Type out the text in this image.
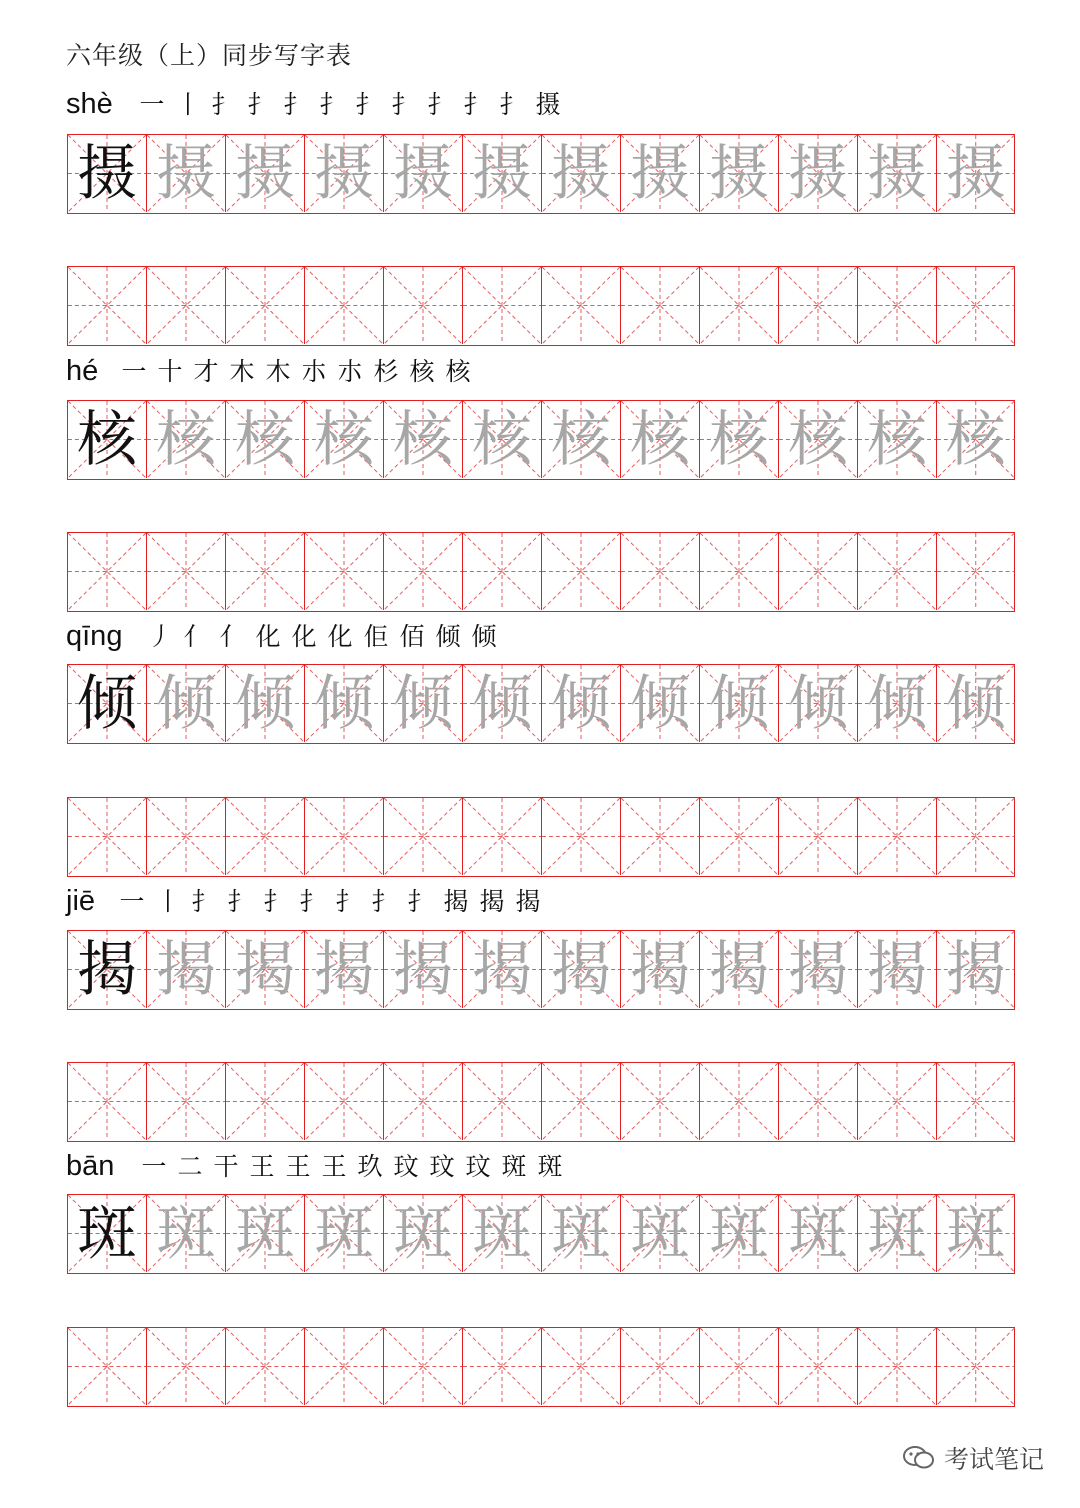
六年级（上）同步写字表
shè 一 丨 扌 扌 扌 扌 扌 扌 扌 扌 扌 摄
摄 摄 摄 摄 摄 摄 摄 摄 摄 摄 摄 摄
hé 一 十 才 木 木 朩 朩 杉 核 核
核 核 核 核 核 核 核 核 核 核 核 核
qīng 丿 亻 亻 化 化 化 佢 佰 倾 倾
倾 倾 倾 倾 倾 倾 倾 倾 倾 倾 倾 倾
jiē 一 丨 扌 扌 扌 扌 扌 扌 扌 揭 揭 揭
揭 揭 揭 揭 揭 揭 揭 揭 揭 揭 揭 揭
bān 一 二 干 王 王 王 玖 玟 玟 玟 斑 斑
斑 斑 斑 斑 斑 斑 斑 斑 斑 斑 斑 斑
考试笔记
